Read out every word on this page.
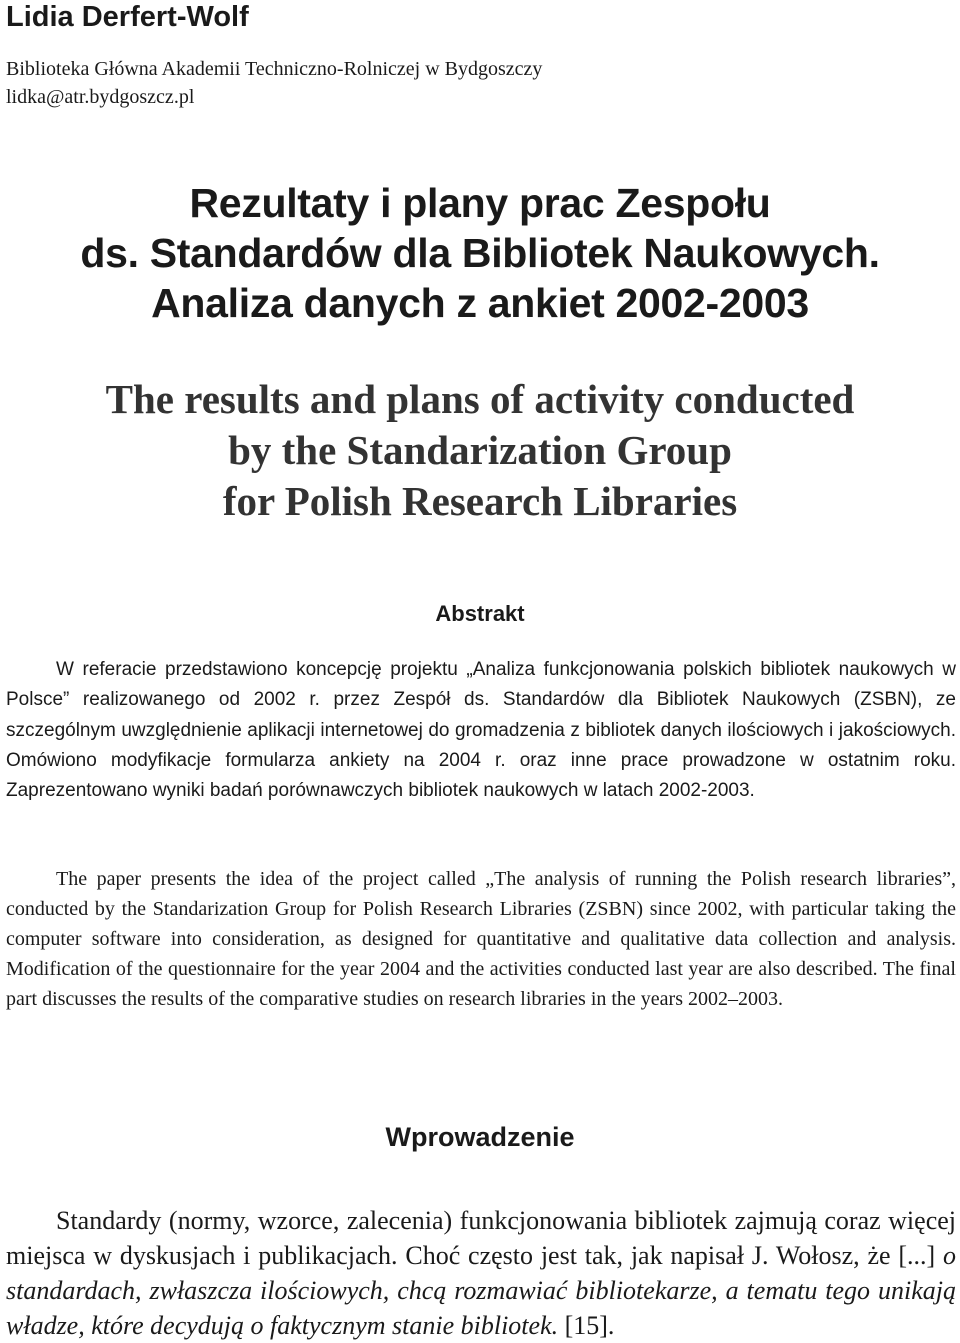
Lidia Derfert-Wolf

Biblioteka Główna Akademii Techniczno-Rolniczej w Bydgoszczy

lidka@atr.bydgoszcz.pl

Rezultaty i plany prac Zespołu
ds. Standardów dla Bibliotek Naukowych.
Analiza danych z ankiet 2002-2003
The results and plans of activity conducted
by the Standarization Group
for Polish Research Libraries
Abstrakt

W referacie przedstawiono koncepcję projektu „Analiza funkcjonowania polskich bibliotek naukowych w Polsce” realizowanego od 2002 r. przez Zespół ds. Standardów dla Bibliotek Naukowych (ZSBN), ze szczególnym uwzględnienie aplikacji internetowej do gromadzenia z bibliotek danych ilościowych i jakościowych. Omówiono modyfikacje formularza ankiety na 2004 r. oraz inne prace prowadzone w ostatnim roku. Zaprezentowano wyniki badań porównawczych bibliotek naukowych w latach 2002-2003.

The paper presents the idea of the project called „The analysis of running the Polish research libraries”, conducted by the Standarization Group for Polish Research Libraries (ZSBN) since 2002, with particular taking the computer software into consideration, as designed for quantitative and qualitative data collection and analysis. Modification of the questionnaire for the year 2004 and the activities conducted last year are also described. The final part discusses the results of the comparative studies on research libraries in the years 2002–2003.

Wprowadzenie

Standardy (normy, wzorce, zalecenia) funkcjonowania bibliotek zajmują coraz więcej miejsca w dyskusjach i publikacjach. Choć często jest tak, jak napisał J. Wołosz, że [...] o standardach, zwłaszcza ilościowych, chcą rozmawiać bibliotekarze, a tematu tego unikają władze, które decydują o faktycznym stanie bibliotek. [15].
